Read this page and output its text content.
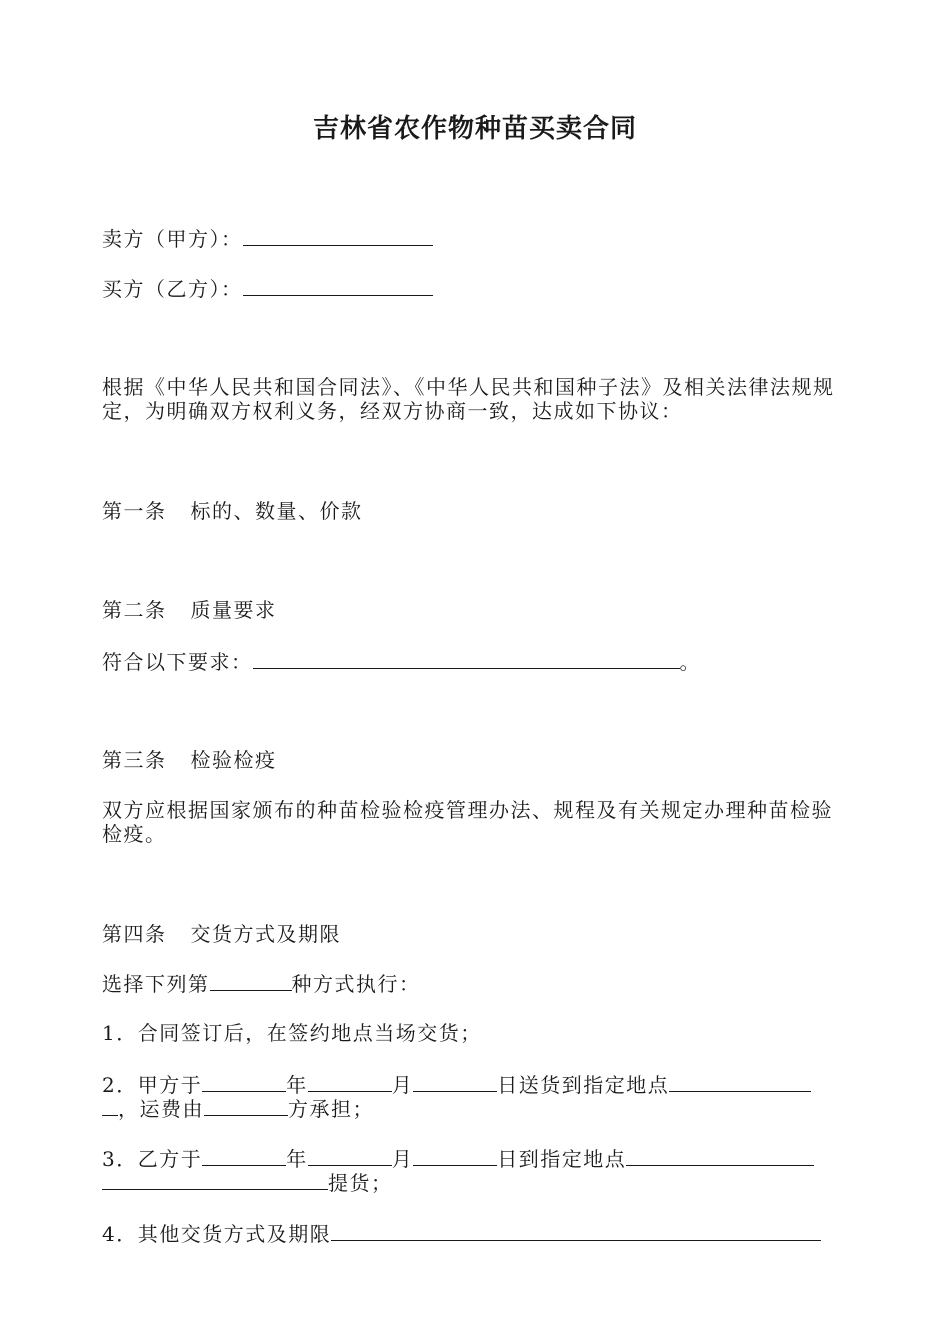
吉林省农作物种苗买卖合同
卖方（甲方）：
买方（乙方）：
根据《中华人民共和国合同法》、《中华人民共和国种子法》及相关法律法规规定，为明确双方权利义务，经双方协商一致，达成如下协议：
第一条 标的、数量、价款
第二条 质量要求
符合以下要求：	。
第三条 检验检疫
双方应根据国家颁布的种苗检验检疫管理办法、规程及有关规定办理种苗检验检疫。
第四条 交货方式及期限
选择下列第	种方式执行：
1．合同签订后，在签约地点当场交货；
2．甲方于	年	月	日送货到指定地点
，运费由	方承担；
3．乙方于	年	月	日到指定地点
提货；
4．其他交货方式及期限
